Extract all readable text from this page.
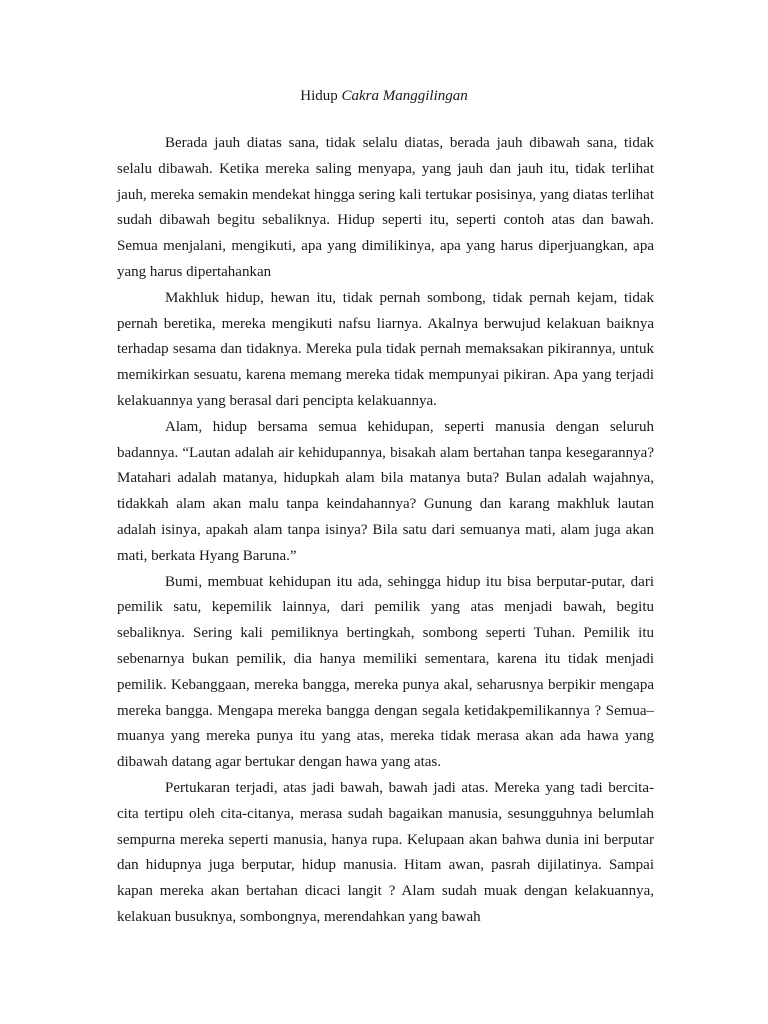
Hidup Cakra Manggilingan

Berada jauh diatas sana, tidak selalu diatas, berada jauh dibawah sana, tidak selalu dibawah. Ketika mereka saling menyapa, yang jauh dan jauh itu, tidak terlihat jauh, mereka semakin mendekat hingga sering kali tertukar posisinya, yang diatas terlihat sudah dibawah begitu sebaliknya. Hidup seperti itu, seperti contoh atas dan bawah. Semua menjalani, mengikuti, apa yang dimilikinya, apa yang harus diperjuangkan, apa yang harus dipertahankan

Makhluk hidup, hewan itu, tidak pernah sombong, tidak pernah kejam, tidak pernah beretika, mereka mengikuti nafsu liarnya. Akalnya berwujud kelakuan baiknya terhadap sesama dan tidaknya. Mereka pula tidak pernah memaksakan pikirannya, untuk memikirkan sesuatu, karena memang mereka tidak mempunyai pikiran. Apa yang terjadi kelakuannya yang berasal dari pencipta kelakuannya.

Alam, hidup bersama semua kehidupan, seperti manusia dengan seluruh badannya. “Lautan adalah air kehidupannya, bisakah alam bertahan tanpa kesegarannya? Matahari adalah matanya, hidupkah alam bila matanya buta? Bulan adalah wajahnya, tidakkah alam akan malu tanpa keindahannya? Gunung dan karang makhluk lautan adalah isinya, apakah alam tanpa isinya? Bila satu dari semuanya mati, alam juga akan mati, berkata Hyang Baruna.”

Bumi, membuat kehidupan itu ada, sehingga hidup itu bisa berputar-putar, dari pemilik satu, kepemilik lainnya, dari pemilik yang atas menjadi bawah, begitu sebaliknya. Sering kali pemiliknya bertingkah, sombong seperti Tuhan. Pemilik itu sebenarnya bukan pemilik, dia hanya memiliki sementara, karena itu tidak menjadi pemilik. Kebanggaan, mereka bangga, mereka punya akal, seharusnya berpikir mengapa mereka bangga. Mengapa mereka bangga dengan segala ketidakpemilikannya ? Semua–muanya yang mereka punya itu yang atas, mereka tidak merasa akan ada hawa yang dibawah datang agar bertukar dengan hawa yang atas.

Pertukaran terjadi, atas jadi bawah, bawah jadi atas. Mereka yang tadi bercita-cita tertipu oleh cita-citanya, merasa sudah bagaikan manusia, sesungguhnya belumlah sempurna mereka seperti manusia, hanya rupa. Kelupaan akan bahwa dunia ini berputar dan hidupnya juga berputar, hidup manusia. Hitam awan, pasrah dijilatinya. Sampai kapan mereka akan bertahan dicaci langit ? Alam sudah muak dengan kelakuannya, kelakuan busuknya, sombongnya, merendahkan yang bawah
